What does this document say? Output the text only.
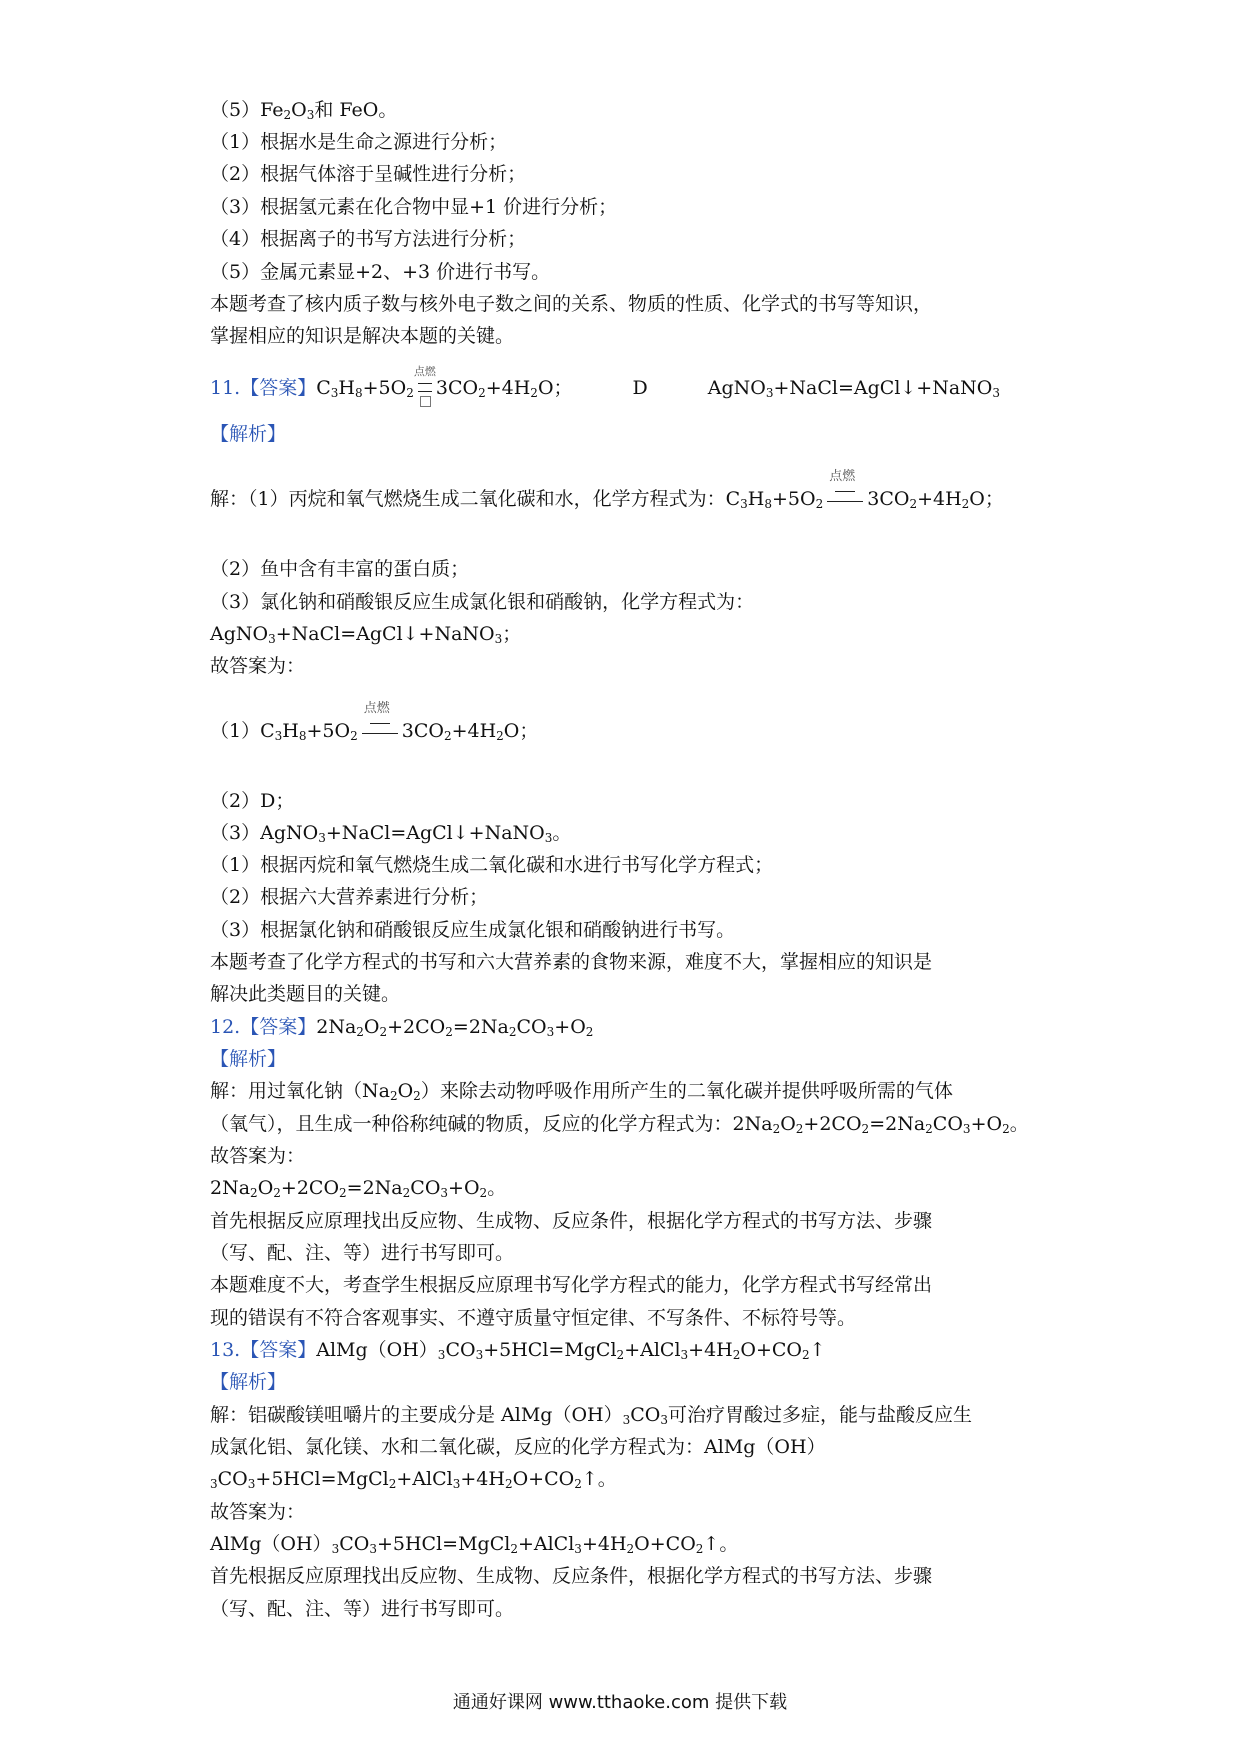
$(5)Fe_2O_3$和 FeO。
（1）根据水是生命之源进行分析；
（2）根据气体溶于呈碱性进行分析；
（3）根据氢元素在化合物中显+1 价进行分析；
（4）根据离子的书写方法进行分析；
（5）金属元素显+2、+3 价进行书写。
本题考查了核内质子数与核外电子数之间的关系、物质的性质、化学式的书写等知识，
掌握相应的知识是解决本题的关键。
11.【答案】$C_3H_8+5O_2$
点燃
$3CO_2+4H_2O$；	D	AgNO$_3$+NaCl=AgCl↓+NaNO$_3$
【解析】
解：（1）丙烷和氧气燃烧生成二氧化碳和水，化学方程式为：$C_3H_8+5O_2$
点燃
$3CO_2+4H_2O$；
（2）鱼中含有丰富的蛋白质；
（3）氯化钠和硝酸银反应生成氯化银和硝酸钠，化学方程式为：
AgNO$_3$+NaCl=AgCl↓+NaNO$_3$；
故答案为：
$(1)C_3H_8+5O_2$
点燃
$3CO_2+4H_2O$；
（2）D；
（3）AgNO$_3$+NaCl=AgCl↓+NaNO$_3$。
（1）根据丙烷和氧气燃烧生成二氧化碳和水进行书写化学方程式；
（2）根据六大营养素进行分析；
（3）根据氯化钠和硝酸银反应生成氯化银和硝酸钠进行书写。
本题考查了化学方程式的书写和六大营养素的食物来源，难度不大，掌握相应的知识是
解决此类题目的关键。
12.【答案】$2Na_2O_2+2CO_2=2Na_2CO_3+O_2$
【解析】
解：用过氧化钠$(Na_2O_2)$来除去动物呼吸作用所产生的二氧化碳并提供呼吸所需的气体
（氧气），且生成一种俗称纯碱的物质，反应的化学方程式为：$2Na_2O_2+2CO_2=2Na_2CO_3+O_2$。
故答案为：
$2Na_2O_2+2CO_2=2Na_2CO_3+O_2$。
首先根据反应原理找出反应物、生成物、反应条件，根据化学方程式的书写方法、步骤
（写、配、注、等）进行书写即可。
本题难度不大，考查学生根据反应原理书写化学方程式的能力，化学方程式书写经常出
现的错误有不符合客观事实、不遵守质量守恒定律、不写条件、不标符号等。
13.【答案】$AlMg(OH)_3CO_3+5HCl=MgCl_2+AlCl_3+4H_2O+CO_2↑$
【解析】
解：铝碳酸镁咀嚼片的主要成分是 $AlMg(OH)_3CO_3$可治疗胃酸过多症，能与盐酸反应生
成氯化铝、氯化镁、水和二氧化碳，反应的化学方程式为：AlMg（OH）
$_3CO_3+5HCl=MgCl_2+AlCl_3+4H_2O+CO_2↑$。
故答案为：
$AlMg(OH)_3CO_3+5HCl=MgCl_2+AlCl_3+4H_2O+CO_2↑$。
首先根据反应原理找出反应物、生成物、反应条件，根据化学方程式的书写方法、步骤
（写、配、注、等）进行书写即可。
通通好课网 www.tthaoke.com 提供下载
